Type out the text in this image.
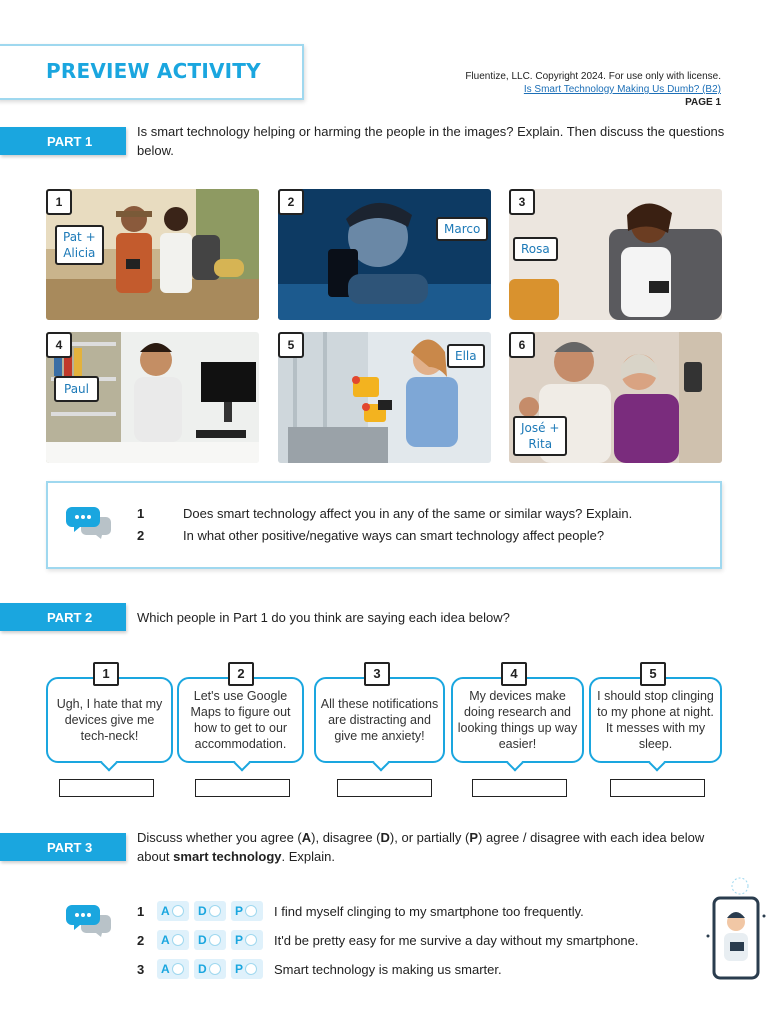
PREVIEW ACTIVITY	Fluentize, LLC. Copyright 2024. For use only with license.
Is Smart Technology Making Us Dumb? (B2)
PAGE 1
PART 1
Is smart technology helping or harming the people in the images? Explain. Then discuss the questions below.
1
Pat +
Alicia
2
Marco
3
Rosa
4
Paul
5
Ella
6
José +
Rita
1	Does smart technology affect you in any of the same or similar ways? Explain.
2	In what other positive/negative ways can smart technology affect people?
PART 2	Which people in Part 1 do you think are saying each idea below?
Ugh, I hate that my devices give me tech-neck!
1
Let's use Google Maps to figure out how to get to our accommodation.
2
All these notifications are distracting and give me anxiety!
3
My devices make doing research and looking things up way easier!
4
I should stop clinging to my phone at night. It messes with my sleep.
5
PART 3
Discuss whether you agree (A), disagree (D), or partially (P) agree / disagree with each idea below about smart technology. Explain.
1	A D P I find myself clinging to my smartphone too frequently.
2	A D P It'd be pretty easy for me survive a day without my smartphone.
3	A D P Smart technology is making us smarter.
